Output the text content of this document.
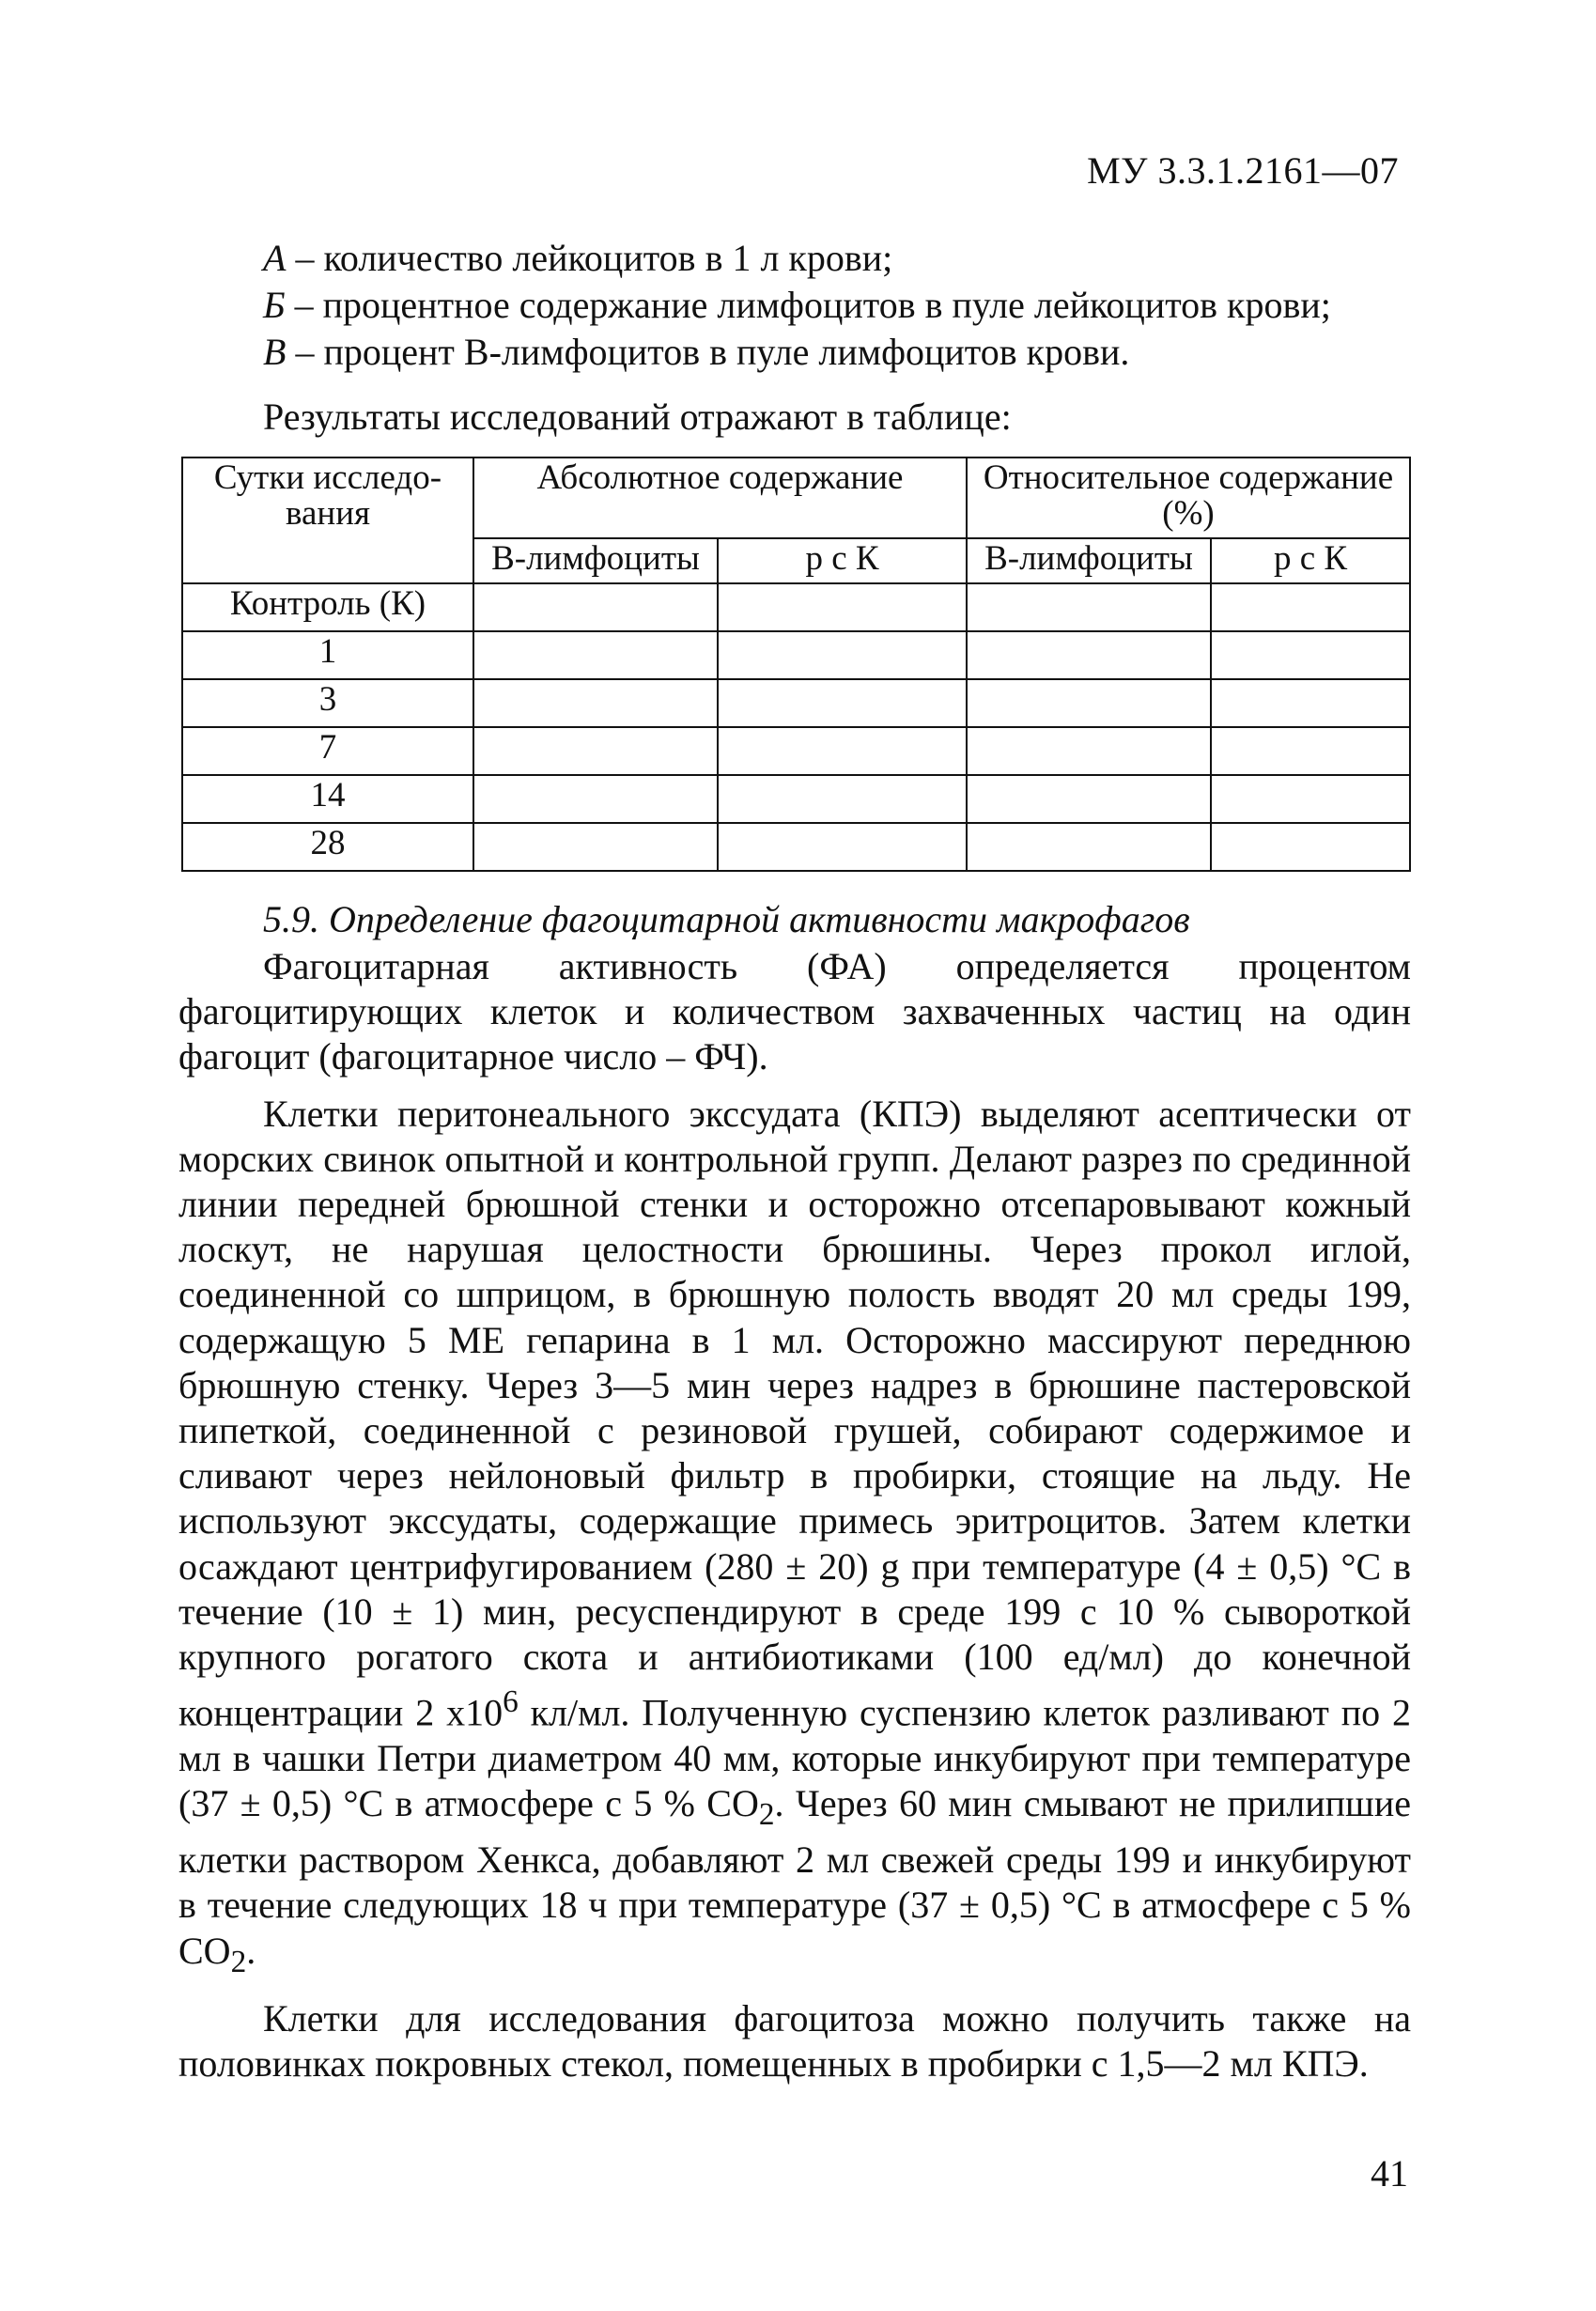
МУ 3.3.1.2161—07
А – количество лейкоцитов в 1 л крови;
Б – процентное содержание лимфоцитов в пуле лейкоцитов крови;
В – процент В-лимфоцитов в пуле лимфоцитов крови.
Результаты исследований отражают в таблице:
Сутки исследо-вания	Абсолютное содержание		Относительное содержание (%)	
	В-лимфоциты	р с К	В-лимфоциты	р с К
Контроль (К)				
1				
3				
7				
14				
28				
5.9. Определение фагоцитарной активности макрофагов

Фагоцитарная активность (ФА) определяется процентом фагоцитирующих клеток и количеством захваченных частиц на один фагоцит (фагоцитарное число – ФЧ).

Клетки перитонеального экссудата (КПЭ) выделяют асептически от морских свинок опытной и контрольной групп. Делают разрез по срединной линии передней брюшной стенки и осторожно отсепаровывают кожный лоскут, не нарушая целостности брюшины. Через прокол иглой, соединенной со шприцом, в брюшную полость вводят 20 мл среды 199, содержащую 5 МЕ гепарина в 1 мл. Осторожно массируют переднюю брюшную стенку. Через 3—5 мин через надрез в брюшине пастеровской пипеткой, соединенной с резиновой грушей, собирают содержимое и сливают через нейлоновый фильтр в пробирки, стоящие на льду. Не используют экссудаты, содержащие примесь эритроцитов. Затем клетки осаждают центрифугированием (280 ± 20) g при температуре (4 ± 0,5) °С в течение (10 ± 1) мин, ресуспендируют в среде 199 с 10 % сывороткой крупного рогатого скота и антибиотиками (100 ед/мл) до конечной концентрации 2 $х10^6$ кл/мл. Полученную суспензию клеток разливают по 2 мл в чашки Петри диаметром 40 мм, которые инкубируют при температуре (37 ± 0,5) °С в атмосфере с 5 % $СО_2$. Через 60 мин смывают не прилипшие клетки раствором Хенкса, добавляют 2 мл свежей среды 199 и инкубируют в течение следующих 18 ч при температуре (37 ± 0,5) °С в атмосфере с 5 % $СО_2$.

Клетки для исследования фагоцитоза можно получить также на половинках покровных стекол, помещенных в пробирки с 1,5—2 мл КПЭ.

41
